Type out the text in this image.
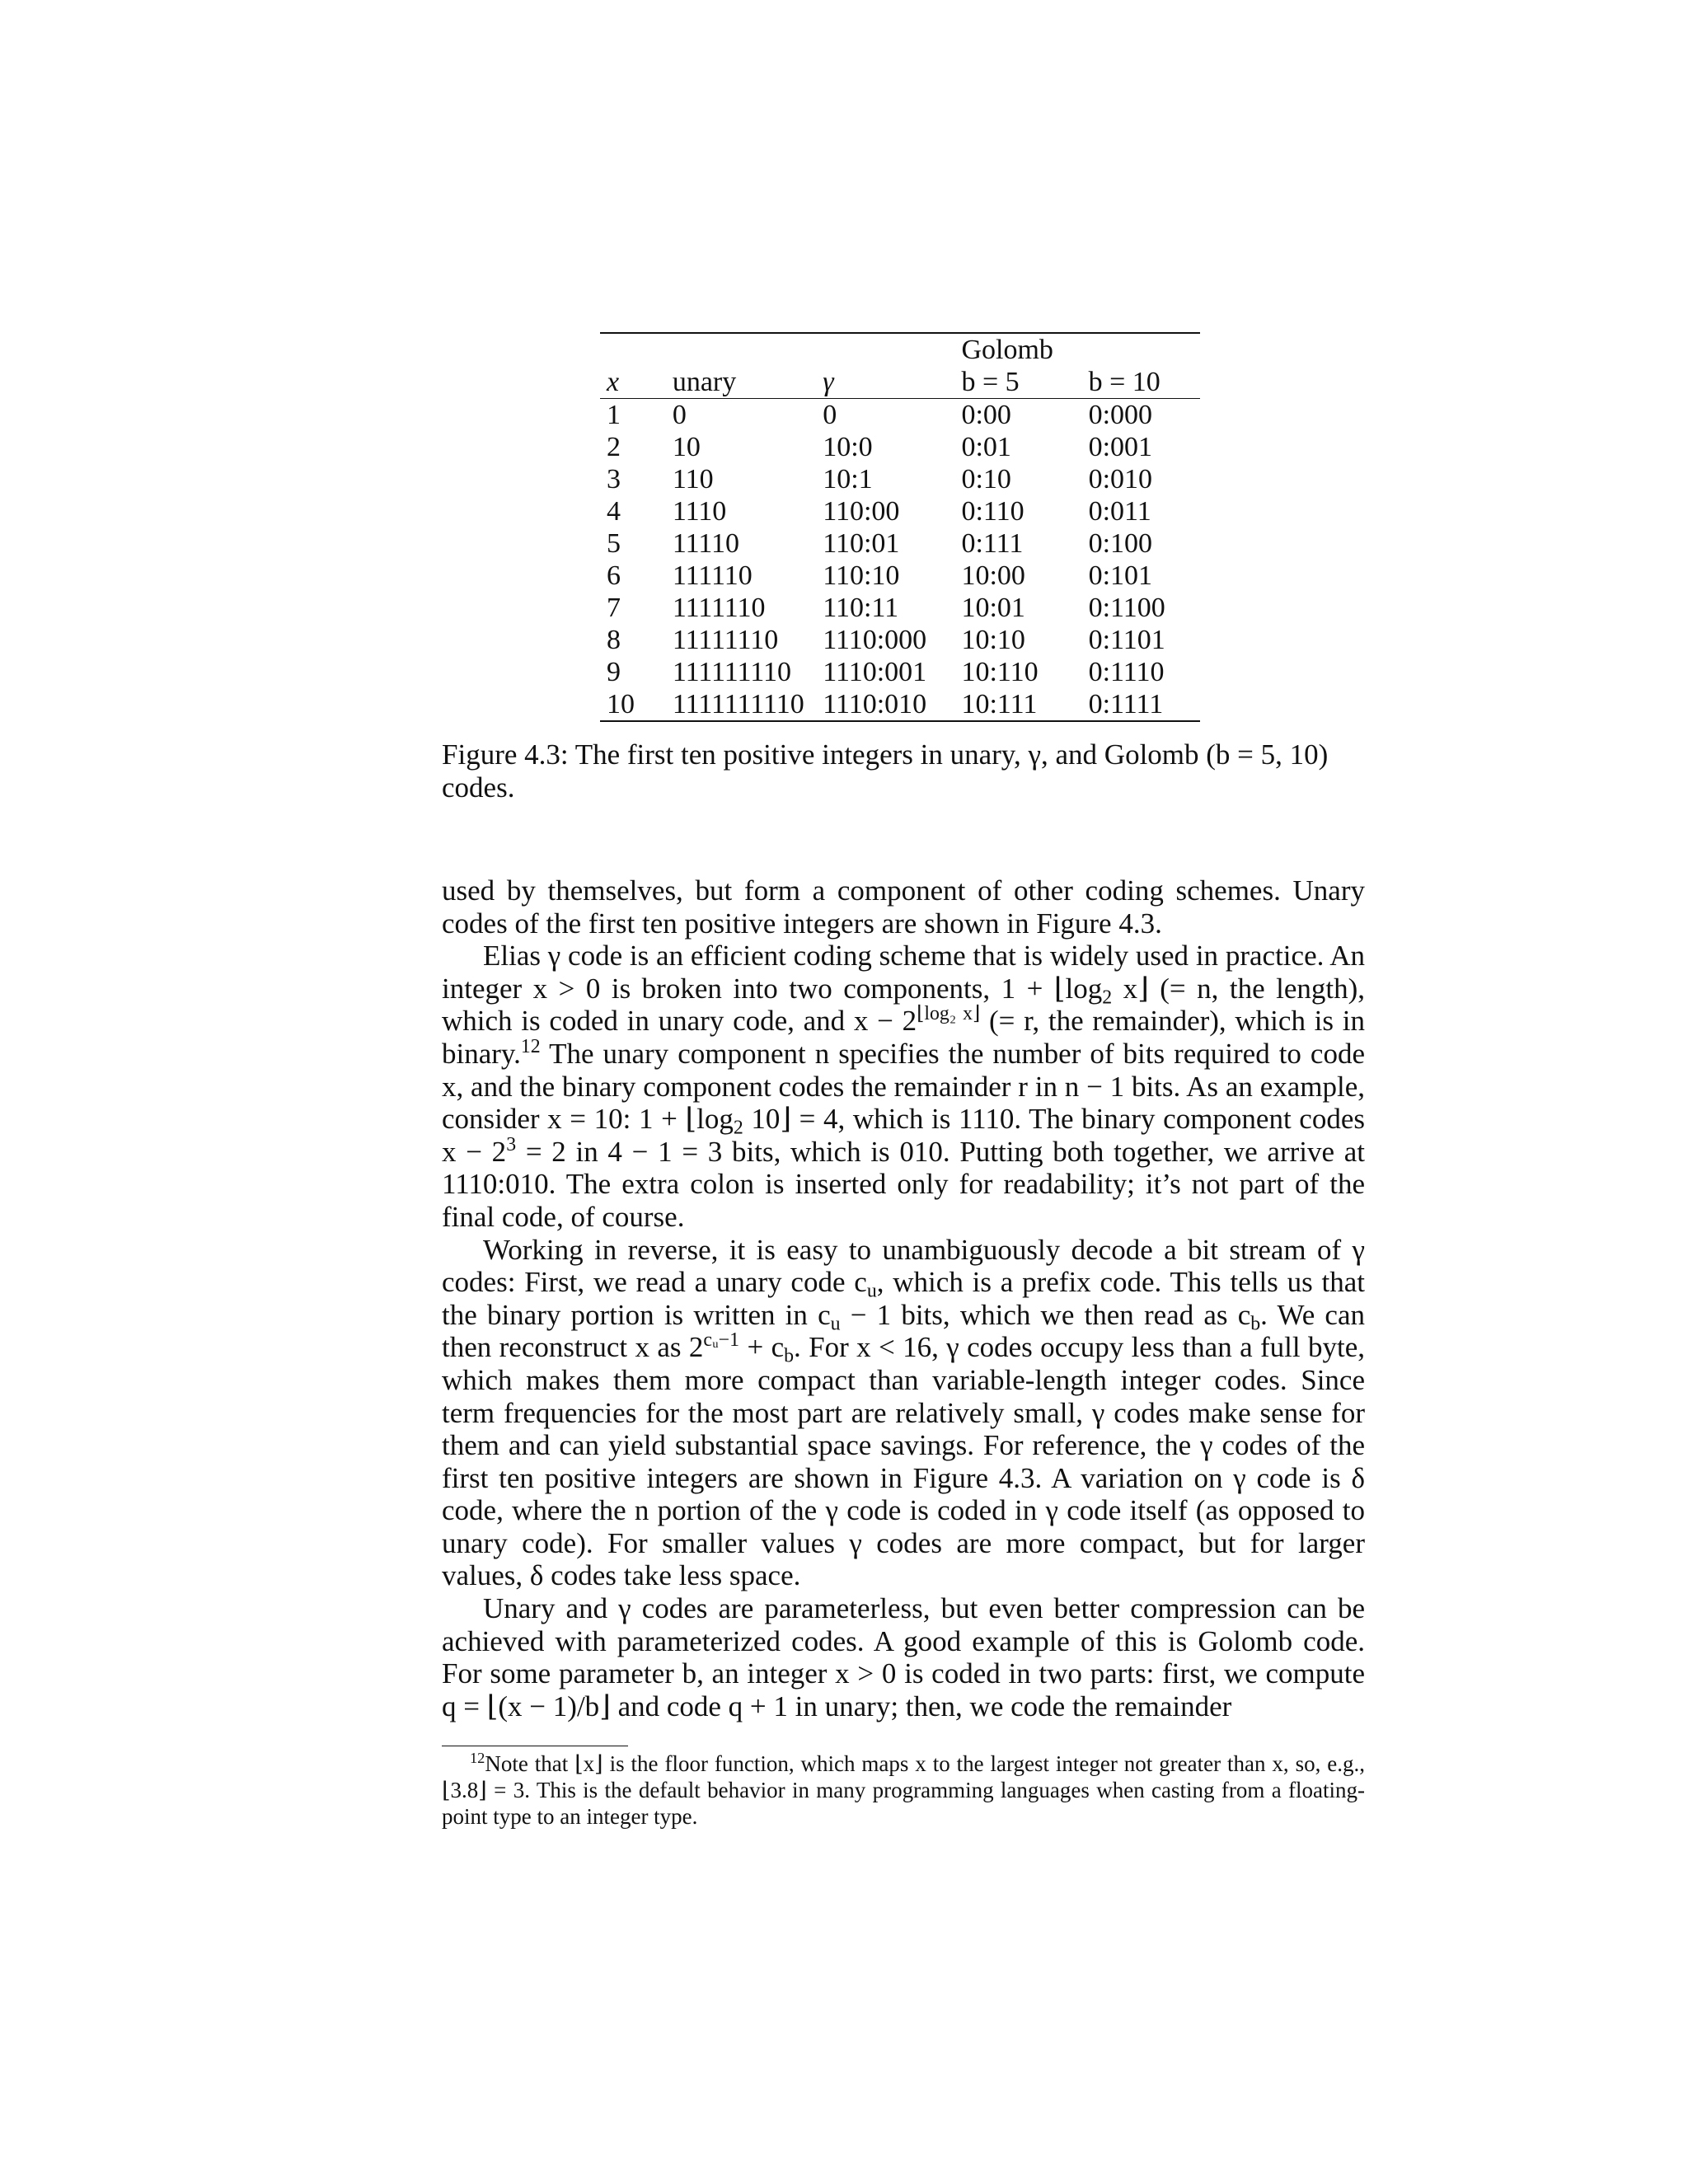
			Golomb	
x	unary	γ	b = 5	b = 10
1	0	0	0:00	0:000
2	10	10:0	0:01	0:001
3	110	10:1	0:10	0:010
4	1110	110:00	0:110	0:011
5	11110	110:01	0:111	0:100
6	111110	110:10	10:00	0:101
7	1111110	110:11	10:01	0:1100
8	11111110	1110:000	10:10	0:1101
9	111111110	1110:001	10:110	0:1110
10	1111111110	1110:010	10:111	0:1111
Figure 4.3: The first ten positive integers in unary, γ, and Golomb (b = 5, 10) codes.

used by themselves, but form a component of other coding schemes. Unary codes of the first ten positive integers are shown in Figure 4.3.

Elias γ code is an efficient coding scheme that is widely used in practice. An integer x > 0 is broken into two components, $1 + ⌊\log_2$ x⌋ (= n, the length), which is coded in unary code, and $x - 2^{⌊log_2 x⌋}$ (= r, the remainder), which is in binary.$^{12}$ The unary component n specifies the number of bits required to code x, and the binary component codes the remainder r in n − 1 bits. As an example, consider x = 10: $1 + ⌊\log_2$ 10⌋ = 4, which is 1110. The binary component codes $x - 2^3 = 2$ in 4 − 1 = 3 bits, which is 010. Putting both together, we arrive at 1110:010. The extra colon is inserted only for readability; it’s not part of the final code, of course.

Working in reverse, it is easy to unambiguously decode a bit stream of γ codes: First, we read a unary code $c_u$, which is a prefix code. This tells us that the binary portion is written in $c_u - 1$ bits, which we then read as $c_b$. We can then reconstruct x as $2^{cᵤ-1} + c_b$. For x < 16, γ codes occupy less than a full byte, which makes them more compact than variable-length integer codes. Since term frequencies for the most part are relatively small, γ codes make sense for them and can yield substantial space savings. For reference, the γ codes of the first ten positive integers are shown in Figure 4.3. A variation on γ code is δ code, where the n portion of the γ code is coded in γ code itself (as opposed to unary code). For smaller values γ codes are more compact, but for larger values, δ codes take less space.

Unary and γ codes are parameterless, but even better compression can be achieved with parameterized codes. A good example of this is Golomb code. For some parameter b, an integer x > 0 is coded in two parts: first, we compute q = ⌊(x − 1)/b⌋ and code q + 1 in unary; then, we code the remainder

$^{12}$Note that ⌊x⌋ is the floor function, which maps x to the largest integer not greater than x, so, e.g., ⌊3.8⌋ = 3. This is the default behavior in many programming languages when casting from a floating-point type to an integer type.
